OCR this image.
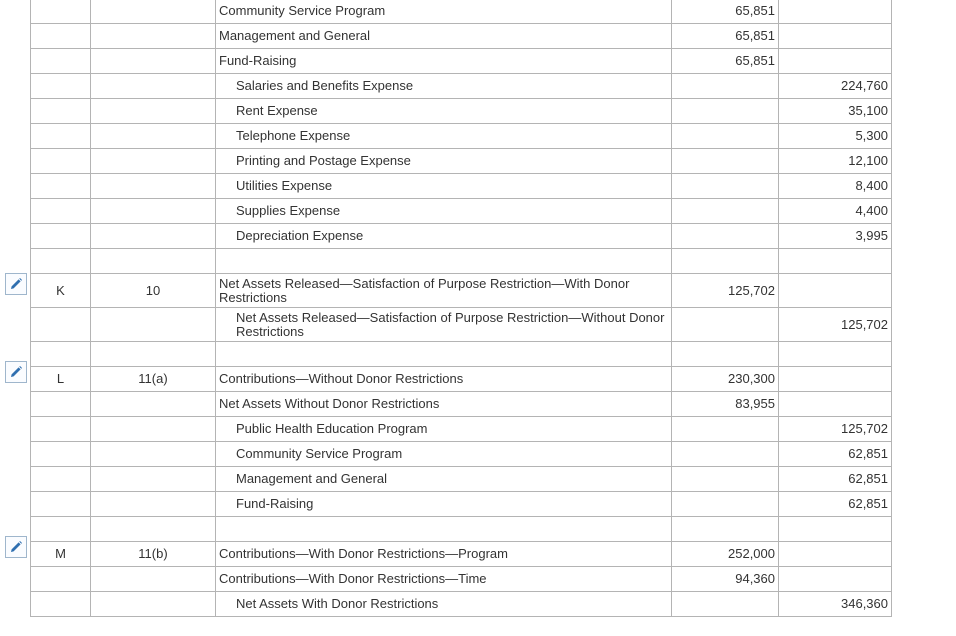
		Community Service Program	65,851	
		Management and General	65,851	
		Fund-Raising	65,851	
		Salaries and Benefits Expense		224,760
		Rent Expense		35,100
		Telephone Expense		5,300
		Printing and Postage Expense		12,100
		Utilities Expense		8,400
		Supplies Expense		4,400
		Depreciation Expense		3,995

K	10	Net Assets Released—Satisfaction of Purpose Restriction—With Donor Restrictions	125,702	
		Net Assets Released—Satisfaction of Purpose Restriction—Without Donor Restrictions		125,702

L	11(a)	Contributions—Without Donor Restrictions	230,300	
		Net Assets Without Donor Restrictions	83,955	
		Public Health Education Program		125,702
		Community Service Program		62,851
		Management and General		62,851
		Fund-Raising		62,851

M	11(b)	Contributions—With Donor Restrictions—Program	252,000	
		Contributions—With Donor Restrictions—Time	94,360	
		Net Assets With Donor Restrictions		346,360
